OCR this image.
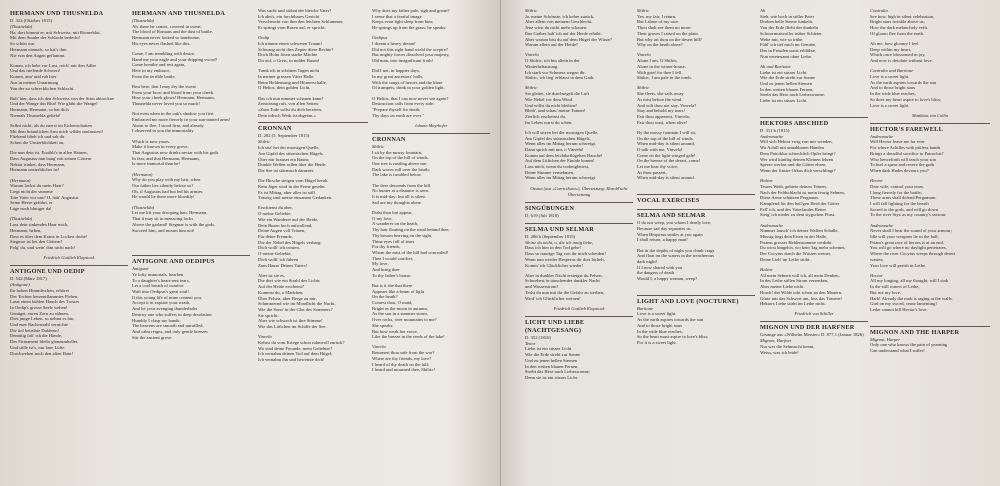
HERMANN UND THUSNELDA
D. 322 (Oktober 1815)
(Thusnelda)
Ha, dort kömmt er, mit Schweiss, mit Römerblut,
Mit dem Staube der Schlacht bedeckt!
So schön war
Hermann niemals, so hat's ihm
Nie von den Augen geflammt.
Komm, ich bebe vor Lust, reich' mir den Adler
Und das triefende Schwert!
Komm, atm' und ruh hier
Aus in meiner Umarmung
Von der zu schrecklichen Schlacht.
Ruh' hier, dass ich den Schweiss von der Stirn abtrockne
Und der Wange das Blut! Wie glüht die Wange!
Hermann, Hermann, so hat dich
Niemals Thusnelda geliebt!
Selbst nicht, als du zuerst im Eichenschatten
Mit dem bräunlichen Arm mich wilder umfasstest!
Fliehend blieb ich und sah dir
Schon die Unsterblichkeit an,
Die nun dein ist. Erzählt's in allen Hainen,
Dass Augustus nun bang' mit seinen Göttern
Nektar trinket, dass Hermann,
Hermann unsterblicher ist!
(Hermann)
Warum lockst du mein Haar?
Liegt nicht der stumme
Tote Vater vor uns? O, hätt' Augustus
Seine Heere geführt, er
Läge noch blutiger da!
(Thusnelda)
Lass dein sinkendes Haar mich,
Hermann, heben,
Dass es über dem Kranz in Locken drohe!
Siegmar ist bei den Göttern!
Folg' du, und wein' ihm nicht nach!
Friedrich Gottlieb Klopstock
ANTIGONE UND OEDIP
D. 542 (März 1817)
(Antigone)
Ihr hohen Himmlischen, erhöret
Der Tochter herzentflammtes Flehen,
Lasst einen kühlen Hauch des Trostes
In Oedip's grosse Seele wehen!
Genüget, euren Zorn zu sühnen,
Dies junge Leben, so nehmt es hin,
Und euer Rachestrahl vernichte
Die tief betrübte Dulderin!
Demütig falt' ich die Hände,
Das Firmament bleibt glanzumhellet,
Und stille ist's, nur laue Lüfte
Durchwehen noch den alten Hain!
HERMANN AND THUSNELDA
(Thusnelda)
Ah, there he comes, covered in sweat,
The blood of Romans and the dust of battle.
Hermann never looked so handsome,
His eyes never flashed like this.
Come, I am trembling with desire.
Hand me your eagle and your dripping sword!
Come breathe and rest again,
Here in my embrace,
From the terrible battle.
Rest here, that I may dry the sweat
From your brow and blood from your cheek.
How your cheek glows! Hermann, Hermann,
Thusnelda never loved you so much!
Not even when in the oak's shadow you first
Embraced me more fiercely in your sun-tanned arms!
About to flee, I stood firm, and already
I observed in you the immortality
Which is now yours.
Make it known in every grove,
That Augustus now drinks nectar with his gods
In fear, and that Hermann, Hermann,
Is more immortal than he!
(Hermann)
Why do you play with my hair, when
Our father lies silently before us?
Oh, if Augustus had but led his armies
He would lie there more bloodily!
(Thusnelda)
Let me lift your drooping hair, Hermann,
That it may sit in menacing locks
Above the garland! Siegmar is with the gods.
Succeed him, and mourn him not!
ANTIGONE AND OEDIPUS
Antigone
Ye lofty immortals, hearken
To a daughter's heart-rent tears,
Let a cool breath of comfort
Waft into Oedipus's great soul!
If this young life of mine content you,
Accept it to expiate your wrath,
And let your avenging thunderbolts
Destroy one who suffers in deep desolation.
Humbly I clasp my hands;
The heavens are smooth and unruffled,
And calm reigns, and only gentle breezes
Stir the ancient grove.
Was sucht und stöhnt der bleiche Vater?
Ich ahn's, ein furchtbares Gesicht
Verscheucht von ihm den leichten Schlummer,
Er springt vom Rasen auf, er spricht:
Oedip
Ich träume einen schweren Traum!
Schwang nicht dies Zepter diese Rechte?
Doch Hohn lösen starke Mächte
Dir auf, o Greis, in milder Raum!
Trank ich in schönen Tagen nicht
In meiner grossen Väter Halle,
Beim Heldensang und Hörnerschalle,
O Helios, dein golden Licht,
Das ich nun nimmer schauen kann?
Zerstörung ruft, von allen Seiten:
»Zum Tode sollst du dich bereiten,
Dein irdisch Werk ist abgetan.«
CRONNAN
D. 282 (5. September 1815)
Shilric
Ich sitz' bei der moosigen Quelle,
Am Gipfel des stürmischen Hügels.
Über mir brauset ein Baum;
Dunkle Wellen rollen über die Heide.
Die See ist stürmisch darunter.
Die Hirsche steigen vom Hügel herab.
Kein Jäger wird in der Ferne gesehn.
Es ist Mittag, aber alles ist still.
Traurig sind meine einsamen Gedanken.
Erschienst du aber,
O meine Geliebte,
Wie ein Wanderer auf der Heide,
Dein Busen hoch aufwallend,
Deine Augen voll Tränen,
Für deine Freunde,
Die der Nebel des Hügels verbarg:
Dich wollt' ich trösten,
O meine Geliebte,
Dich wollt' ich führen
Zum Hause Deines Vaters!
Aber ist sie es,
Die dort wie ein Strahl des Lichts
Auf der Heide erscheint?
Kommst du, o Mädchen,
Über Felsen, über Berge zu mir,
Schimmernd wie im Mondlicht die Nacht,
Wie die Sonn' in der Glut des Sommers?
Sie spricht:
Aber wie schwach ist ihre Stimme!
Wie das Lüftchen im Schilfe der See.
Vinvela
Kehrst du vom Kriege schon ruhmvoll zurück?
Wo sind deine Freunde, mein Geliebter?
Ich vernahm deinen Tod auf dem Hügel;
Ich vernahm ihn und beweinte dich!
Why does my father pale, sigh and groan?
I sense that a fearful image
Keeps even light sleep from him;
He springs up from the grass; he speaks:
Oedipus
I dream a heavy dream!
Did not this right hand wield the sceptre?
But mighty forces dissolved your majesty,
Old man, into insignificant froth!
Did I not, in happier days,
In my great ancestors' halls,
With the songs of heroes and the blare
Of trumpets, drink in your golden light,
O Helios, that I can now never see again?
Destruction calls from every side:
"Prepare thyself for death;
Thy days on earth are over."
Johann Mayrhofer
CRONNAN
Shilric
I sit by the mossy fountain,
On the top of the hill of winds.
One tree is rustling above me;
Dark waves roll over the heath;
The lake is troubled below.
The deer descends from the hill.
No hunter at a distance is seen.
It is mid-day: but all is silent.
Sad are my thoughts alone.
Didst thou but appear,
O my love,
A wanderer on the heath,
Thy hair floating on the wind behind thee,
Thy bosom heaving on the sight,
Thine eyes full of tears
For thy friends,
Whom the mist of the hill had concealed!
Thee I would comfort,
My love,
And bring thee
To thy father's house.
But is it she that there
Appears like a beam of light
On the heath?
Comest thou, O maid,
Bright as the moon in autumn,
As the sun in a summer storm,
Over rocks, over mountains to me?
She speaks:
But how weak her voice,
Like the breeze in the reeds of the lake!
Vinvela
Returnest thou safe from the war?
Where are thy friends, my love?
I heard of thy death on the hill;
I heard and mourned thee, Shilric!
Shilric
Ja, meine Schönste, ich kehre zurück,
Aber allein von meinem Geschlecht.
Jene wirst du nicht mehr schauen:
Ihre Gräber hab' ich auf der Heide erhöht.
Aber warum bist du auf dem Hügel der Wüste?
Warum allein auf der Heide?
Vinvela
O Shilric, ich bin allein in der
Winterbehausung.
Ich starb vor Schmerz wegen dir.
Shilric, ich lieg' erblasst in dem Grab.
Shilric
Sie gleitet, sie durchsegelt die Luft
Wie Nebel vor dem Wind.
Und willst du nicht bleiben?
Bleib', und schau' meine Tränen!
Zierlich erscheinst du,
Im Leben warst du schön.
Ich will sitzen bei der moosigen Quelle,
Am Gipfel des stürmischen Hügels,
Wenn alles im Mittag herum schweigt.
Dann sprich mit mir, o Vinvela!
Komm auf dem leichtbeflügelten Hauche!
Auf dem Lüftchen der Einöde komm!
Lass mich, wenn du vorbeigleitest,
Deine Stimme vernehmen,
Wenn alles im Mittag herum schweigt.
Ossian (aus »Carricthura«), Übersetzung: Harold'sche Übersetzung
SINGÜBUNGEN
D. 619 (Juli 1818)
SELMA UND SELMAR
D. 286 b (September 1815)
Weine du nicht, o, die ich innig liebe,
Dass ich hier in den Tod gehe!
Dass so traurige Tag von ihr mich scheiden!
Wenn nun wieder Hesperus dir dort lächelt,
Komm' ich Glücklicher wieder!
Aber in dunkler Nacht ersteigst du Felsen,
Schwebest in täuschender dunkler Nacht
und Wasserstrom!
Teilst du nun mit ihr die Gefahr zu sterben,
Wird' ich Glücklicher weinen!
Friedrich Gottlieb Klopstock
LICHT UND LIEBE (NACHTGESANG)
D. 352 (1816)
Tenor
Liebe ist ein süsses Licht.
Wie die Erde strebt zur Sonne
Und zu jenen hellen Sternen
In den weiten blauen Fernen,
Strebt das Herz nach Liebeswonne;
Denn sie ist ein süsses Licht.
Shilric
Yes, my fair, I return,
But I alone of my race.
Thou shalt see them no more:
Their graves I raised on the plain.
But why art thou on the desert hill?
Why on the heath alone?
Vinvela
Alone I am, O Shilric,
Alone in the winter-house.
With grief for thee I fell.
Shilric, I am pale in the tomb.
Shilric
She fleets, she sails away
As mist before the wind.
And wilt thou not stay, Vinvela?
Stay and behold my tears!
Fair thou appearest, Vinvela;
Fair thou wast, when alive!
By the mossy fountain I will sit,
On the top of the hill of winds.
When mid-day is silent around,
O talk with me, Vinvela!
Come on the light-winged gale!
On the breeze of the desert, come!
Let me hear thy voice,
As thou passest,
When mid-day is silent around.
VOCAL EXERCISES
SELMA AND SELMAR
O do not weep, you whom I dearly love,
Because sad day separates us.
When Hesperus smiles at you again
I shall return, a happy man!
But in the depths of night you climb crags
And float on the waters in the treacherous
dark night!
If I now shared with you
the dangers of death
Would I, a happy woman, weep?
LIGHT AND LOVE (NOCTURNE)
Baritone
Love is a sweet light.
As the earth aspires towards the sun
And to those bright stars
In the wide blue reaches,
So the heart must aspire to love's bliss;
For it is a sweet light.
Alt
Sieh, wie hoch in stiller Feier
Droben helle Sterne funkeln,
Von der Erde flieht der dunkeln
Schwermutsvoller trüber Schleier.
Wehe mir, wie so trübe
Fühl' ich tief mich im Gemüte,
Das in Freuden sonst erblühte,
Nun vereinsamt ohne Liebe.
Alt und Baritone
Liebe ist ein süsses Licht.
Wie die Erde strebt zur Sonne
Und zu jenen hellen Sternen
In den weiten blauen Fernen,
Strebt das Herz nach Liebeswonne:
Liebe ist ein süsses Licht.
HEKTORS ABSCHIED
D. 312 b (1815)
Andromache
Will sich Hektor ewig von mir wenden,
Wo Achill mit unnahbaren Händen
Dem Patroklus schrecklich Opfer bringt?
Wer wird künftig deinen Kleinen lehren
Speere werfen und die Götter ehren,
Wenn der finstre Orkus dich verschlingt?
Hektor
Teures Weib, gebiete deinen Tränen,
Nach der Feldschlacht ist mein feurig Sehnen,
Diese Arme schützen Pergamus.
Kämpfend für den heil'gen Herd der Götter
Fall' ich, und des Vaterlandes Retter
Steig' ich nieder zu dem stygschen Fluss.
Andromache
Nimmer lausch' ich deiner Waffen Schalle,
Müssig liegt dein Eisen in der Halle,
Priams grosser Heldenstamme verdirbt.
Du wirst hingeh'n, wo kein Tag mehr scheinet,
Der Cocytus durch die Wüsten weinet,
Deine Lieb' im Lethe stirbt.
Hektor
All mein Sehnen will ich, all mein Denken,
In des Lethe stillen Strom versenken,
Aber meine Liebe nicht.
Horch! der Wilde tobt schon an den Mauern,
Gürte mir das Schwert um, lass das Trauern!
Hektors Liebe stirbt im Lethe nicht.
Friedrich von Schiller
MIGNON UND DER HARFNER
Gesänge aus »Wilhelm Meister« D. 877,1 (Januar 1826)
Mignon, Harfner
Nur wer die Sehnsucht kennt,
Weiss, was ich leide!
Contralto
See how, high in silent celebration,
Bright stars twinkle above us;
How the dark melancholy veils
Of gloom flee from the earth.
Ah me, how gloomy I feel
Deep within my heart,
Which once blossomed in joy,
And now is desolate without love.
Contralto and Baritone
Love is a sweet light.
As the earth aspires towards the sun
And to those bright stars
In the wide blue reaches,
So does my heart aspire to love's bliss;
Love is a sweet light.
Matthäus von Collin
HECTOR'S FAREWELL
Andromache
Will Hector leave me for ever
For where Achilles with pitiless hands
Brings a dreadful sacrifice to Patroclus?
Who henceforth will teach your son
To hurl a spear and revere the gods
When dark Hades devours you?
Hector
Dear wife, control your tears.
I long fiercely for the battle;
These arms shall defend Pergamum.
I will fall fighting for the hearth
Sacred to the gods, and will go down
To the river Styx as my country's saviour.
Andromache
Never shall I hear the sound of your armour;
Idle will your weapons lie in the hall;
Priam's great race of heroes is at an end.
You will go where no daylight penetrates,
Where the river Cocytus weeps through desert
wastes;
Your love will perish in Lethe.
Hector
All my longing, all my thought, will I sink
In the still waters of Lethe,
But not my love.
Hark! Already the mob is raging at the walls.
Gird on my sword, cease lamenting!
Lethe cannot kill Hector's love.
MIGNON AND THE HARPER
Mignon, Harper
Only one who knows the pain of yearning
Can understand what I suffer!
